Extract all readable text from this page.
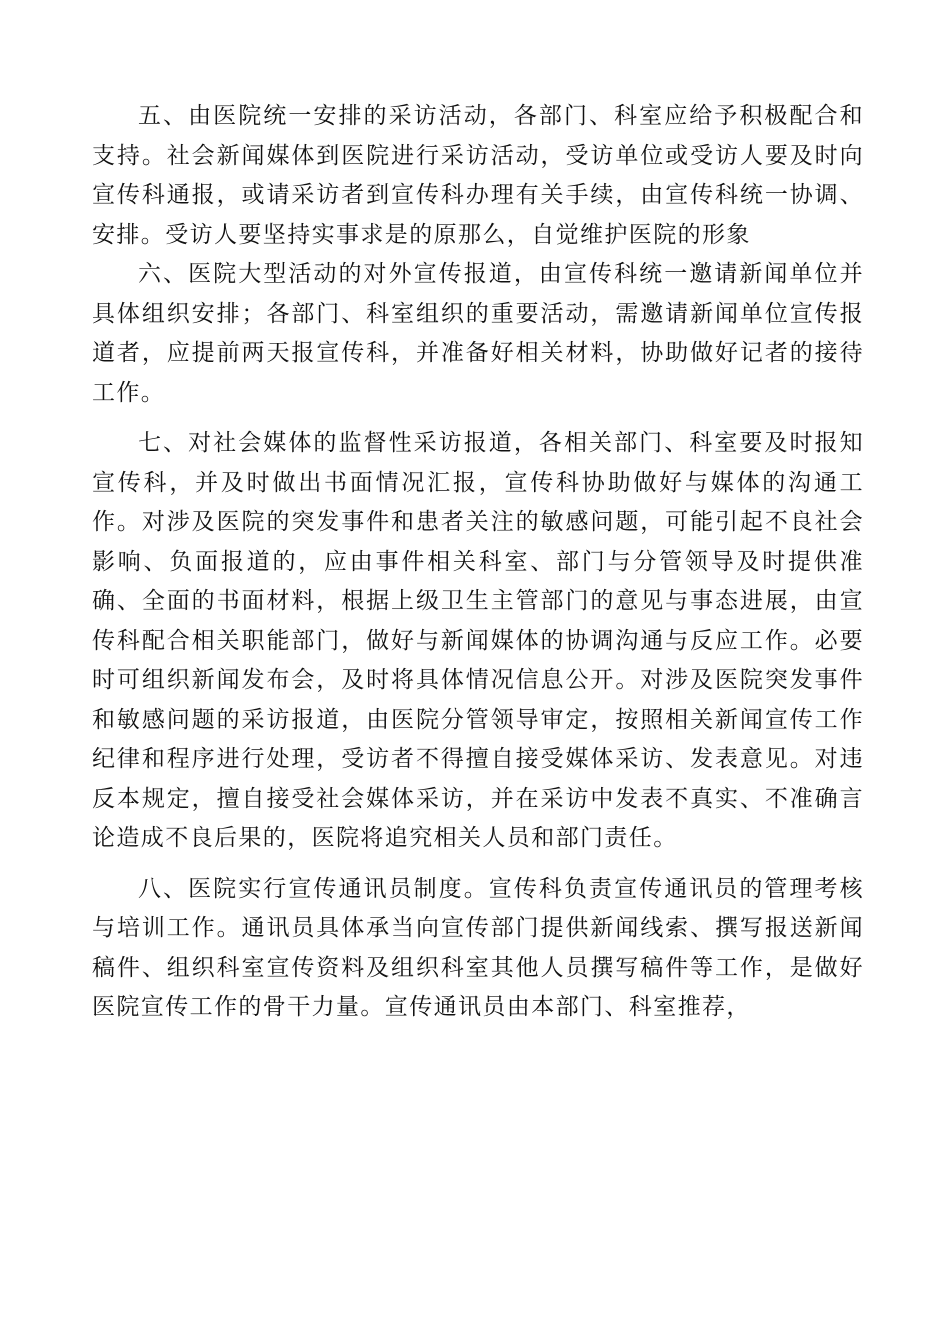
五、由医院统一安排的采访活动，各部门、科室应给予积极配合和支持。社会新闻媒体到医院进行采访活动，受访单位或受访人要及时向宣传科通报，或请采访者到宣传科办理有关手续，由宣传科统一协调、安排。受访人要坚持实事求是的原那么，自觉维护医院的形象

六、医院大型活动的对外宣传报道，由宣传科统一邀请新闻单位并具体组织安排；各部门、科室组织的重要活动，需邀请新闻单位宣传报道者，应提前两天报宣传科，并准备好相关材料，协助做好记者的接待工作。

七、对社会媒体的监督性采访报道，各相关部门、科室要及时报知宣传科，并及时做出书面情况汇报，宣传科协助做好与媒体的沟通工作。对涉及医院的突发事件和患者关注的敏感问题，可能引起不良社会影响、负面报道的，应由事件相关科室、部门与分管领导及时提供准确、全面的书面材料，根据上级卫生主管部门的意见与事态进展，由宣传科配合相关职能部门，做好与新闻媒体的协调沟通与反应工作。必要时可组织新闻发布会，及时将具体情况信息公开。对涉及医院突发事件和敏感问题的采访报道，由医院分管领导审定，按照相关新闻宣传工作纪律和程序进行处理，受访者不得擅自接受媒体采访、发表意见。对违反本规定，擅自接受社会媒体采访，并在采访中发表不真实、不准确言论造成不良后果的，医院将追究相关人员和部门责任。

八、医院实行宣传通讯员制度。宣传科负责宣传通讯员的管理考核与培训工作。通讯员具体承当向宣传部门提供新闻线索、撰写报送新闻稿件、组织科室宣传资料及组织科室其他人员撰写稿件等工作，是做好医院宣传工作的骨干力量。宣传通讯员由本部门、科室推荐，
